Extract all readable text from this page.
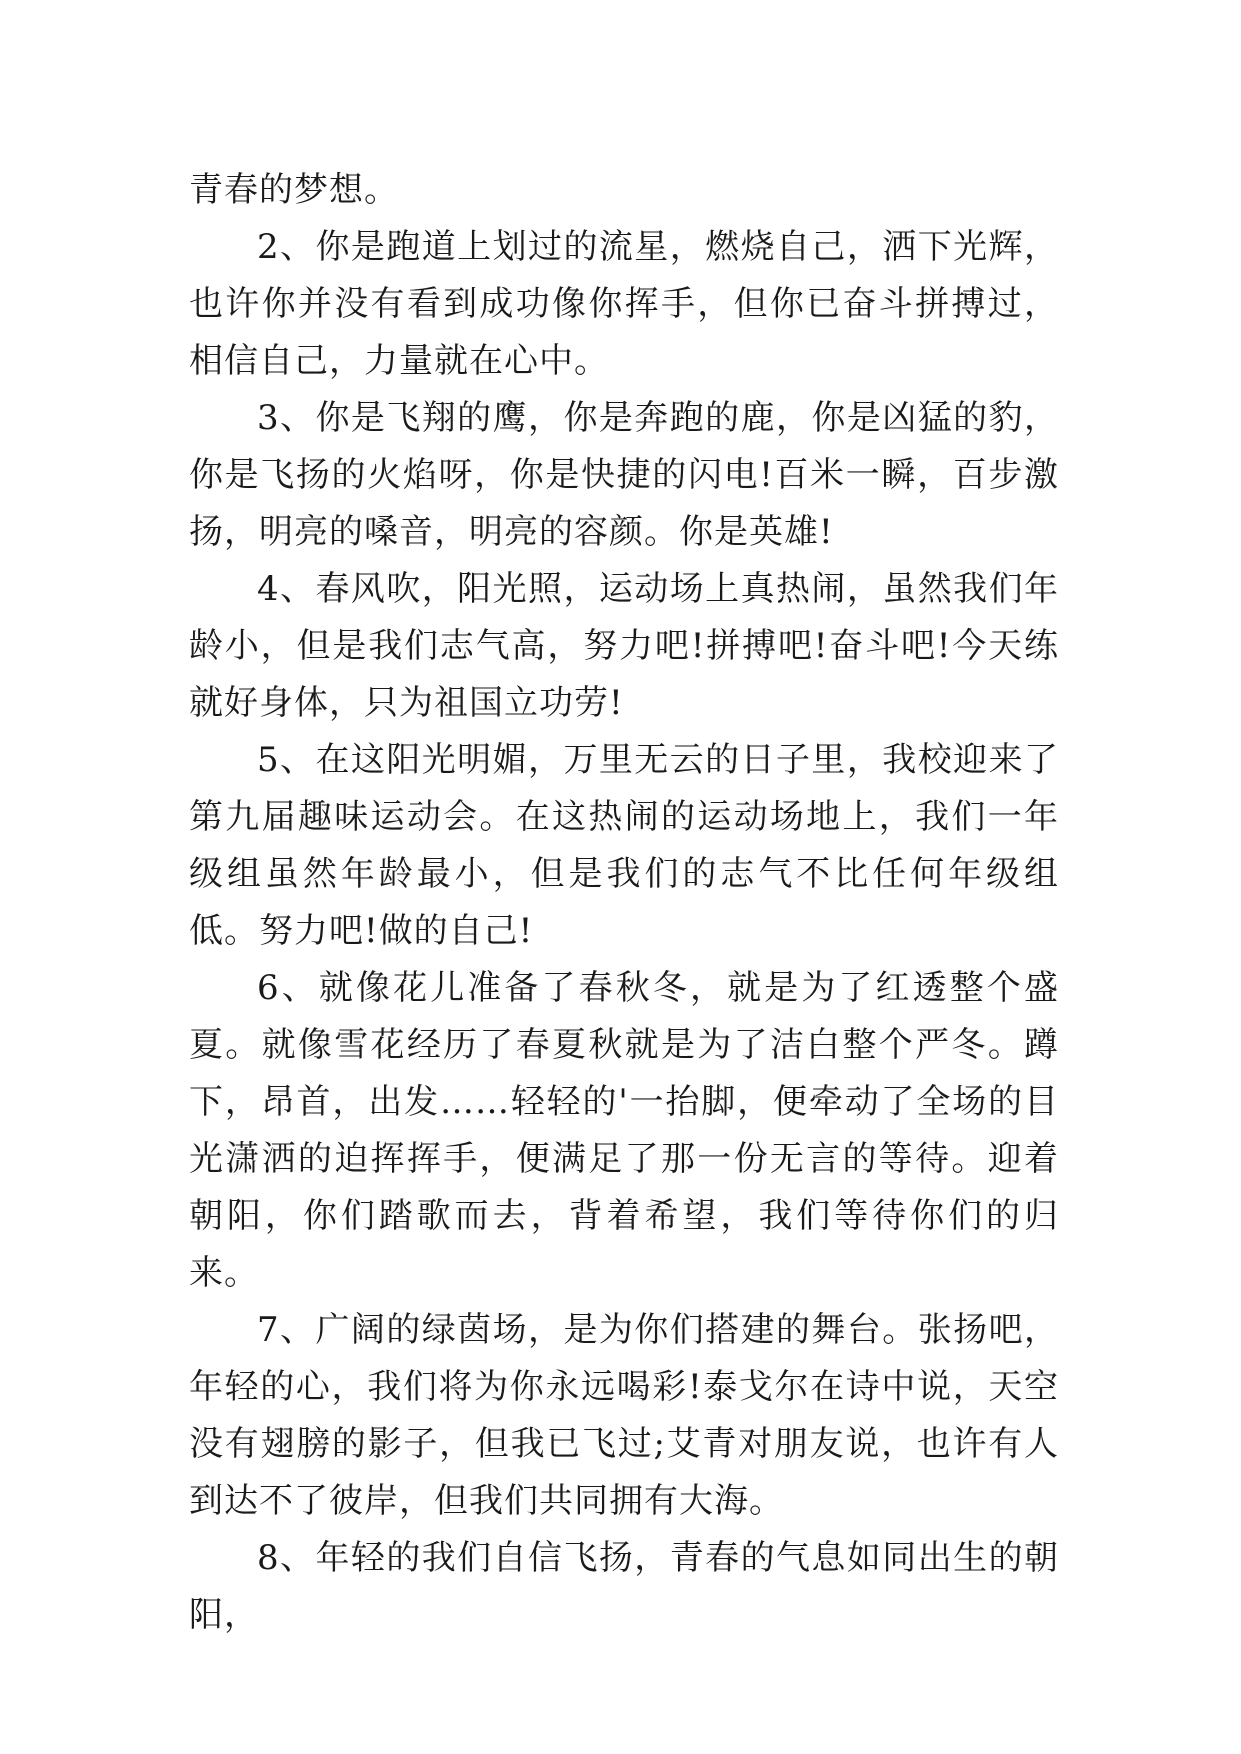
青春的梦想。

2、你是跑道上划过的流星，燃烧自己，洒下光辉，也许你并没有看到成功像你挥手，但你已奋斗拼搏过，相信自己，力量就在心中。

3、你是飞翔的鹰，你是奔跑的鹿，你是凶猛的豹，你是飞扬的火焰呀，你是快捷的闪电!百米一瞬，百步激扬，明亮的嗓音，明亮的容颜。你是英雄!

4、春风吹，阳光照，运动场上真热闹，虽然我们年龄小，但是我们志气高，努力吧!拼搏吧!奋斗吧!今天练就好身体，只为祖国立功劳!

5、在这阳光明媚，万里无云的日子里，我校迎来了第九届趣味运动会。在这热闹的运动场地上，我们一年级组虽然年龄最小，但是我们的志气不比任何年级组低。努力吧!做的自己!

6、就像花儿准备了春秋冬，就是为了红透整个盛夏。就像雪花经历了春夏秋就是为了洁白整个严冬。蹲下，昂首，出发……轻轻的'一抬脚，便牵动了全场的目光潇洒的迫挥挥手，便满足了那一份无言的等待。迎着朝阳，你们踏歌而去，背着希望，我们等待你们的归来。

7、广阔的绿茵场，是为你们搭建的舞台。张扬吧，年轻的心，我们将为你永远喝彩!泰戈尔在诗中说，天空没有翅膀的影子，但我已飞过;艾青对朋友说，也许有人到达不了彼岸，但我们共同拥有大海。

8、年轻的我们自信飞扬，青春的气息如同出生的朝阳，
